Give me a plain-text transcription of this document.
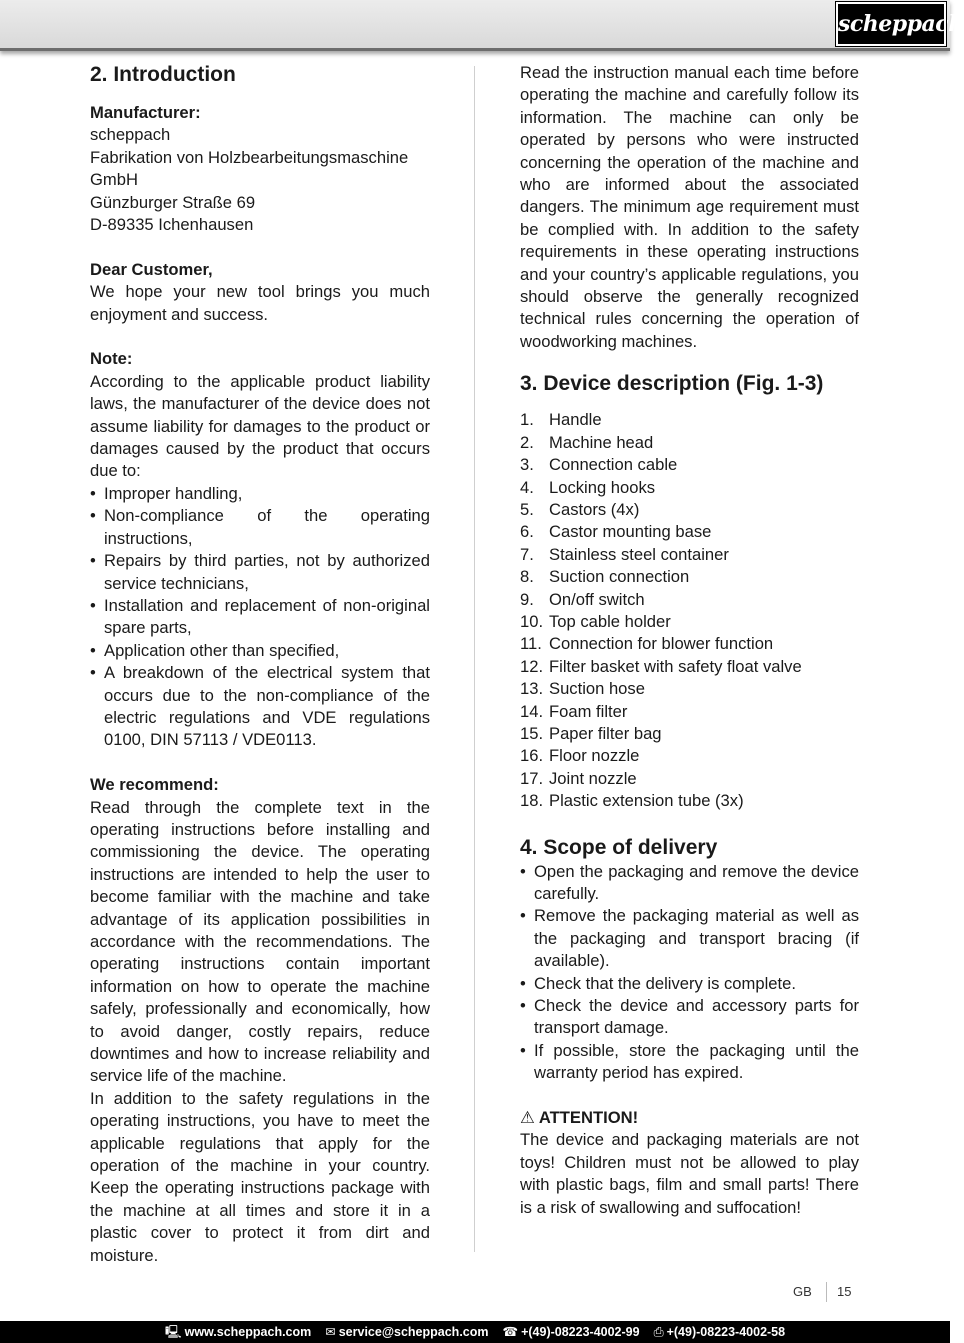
scheppach
2. Introduction
Manufacturer:
scheppach
Fabrikation von Holzbearbeitungsmaschine GmbH
Günzburger Straße 69
D-89335 Ichenhausen
Dear Customer,

We hope your new tool brings you much enjoyment and success.

Note:

According to the applicable product liability laws, the manufacturer of the device does not assume liability for damages to the product or damages caused by the product that occurs due to:

• Improper handling,
• Non-compliance of the operating instructions,
• Repairs by third parties, not by authorized service technicians,
• Installation and replacement of non-original spare parts,
• Application other than specified,
• A breakdown of the electrical system that occurs due to the non-compliance of the electric regulations and VDE regulations 0100, DIN 57113 / VDE0113.
We recommend:

Read through the complete text in the operating instructions before installing and commissioning the device. The operating instructions are intended to help the user to become familiar with the machine and take advantage of its application possibilities in accordance with the recommendations. The operating instructions contain important information on how to operate the machine safely, professionally and economically, how to avoid danger, costly repairs, reduce downtimes and how to increase reliability and service life of the machine.

In addition to the safety regulations in the operating instructions, you have to meet the applicable regulations that apply for the operation of the machine in your country. Keep the operating instructions package with the machine at all times and store it in a plastic cover to protect it from dirt and moisture.

Read the instruction manual each time before operating the machine and carefully follow its information. The machine can only be operated by persons who were instructed concerning the operation of the machine and who are informed about the associated dangers. The minimum age requirement must be complied with. In addition to the safety requirements in these operating instructions and your country’s applicable regulations, you should observe the generally recognized technical rules concerning the operation of woodworking machines.

3. Device description (Fig. 1-3)
1. Handle
2. Machine head
3. Connection cable
4. Locking hooks
5. Castors (4x)
6. Castor mounting base
7. Stainless steel container
8. Suction connection
9. On/off switch
10. Top cable holder
11. Connection for blower function
12. Filter basket with safety float valve
13. Suction hose
14. Foam filter
15. Paper filter bag
16. Floor nozzle
17. Joint nozzle
18. Plastic extension tube (3x)
4. Scope of delivery
• Open the packaging and remove the device carefully.
• Remove the packaging material as well as the packaging and transport bracing (if available).
• Check that the delivery is complete.
• Check the device and accessory parts for transport damage.
• If possible, store the packaging until the warranty period has expired.
⚠ ATTENTION!

The device and packaging materials are not toys! Children must not be allowed to play with plastic bags, film and small parts! There is a risk of swallowing and suffocation!

GB 15
🖳 www.scheppach.com ✉ service@scheppach.com ☎ +(49)-08223-4002-99 ⎙ +(49)-08223-4002-58
